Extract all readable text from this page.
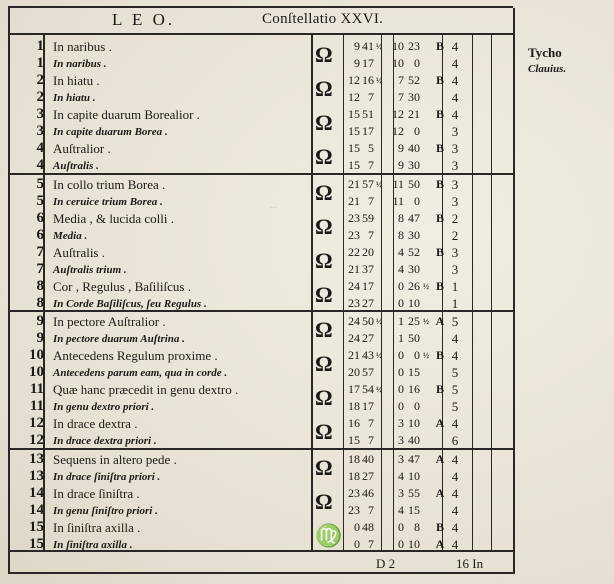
...
L E O.	Conſtellatio XXVI.
Tycho
Clauius.
1	In naribus .		9	41	½	10	23		B	4
1	In naribus .		9	17		10	0			4
2	In hiatu .		12	16	½	7	52		B	4
2	In hiatu .		12	7		7	30			4
3	In capite duarum Borealior .		15	51		12	21		B	4
3	In capite duarum Borea .		15	17		12	0			3
4	Auſtralior .		15	5		9	40		B	3
4	Auſtralis .		15	7		9	30			3
5	In collo trium Borea .		21	57	½	11	50		B	3
5	In ceruice trium Borea .		21	7		11	0			3
6	Media , & lucida colli .		23	59		8	47		B	2
6	Media .		23	7		8	30			2
7	Auſtralis .		22	20		4	52		B	3
7	Auſtralis trium .		21	37		4	30			3
8	Cor , Regulus , Baſiliſcus .		24	17		0	26	½	B	1
8	In Corde Baſiliſcus, ſeu Regulus .		23	27		0	10			1
9	In pectore Auſtralior .		24	50	½	1	25	½	A	5
9	In pectore duarum Auſtrina .		24	27		1	50			4
10	Antecedens Regulum proxime .		21	43	½	0	0	½	B	4
10	Antecedens parum eam, qua in corde .		20	57		0	15			5
11	Quæ hanc præcedit in genu dextro .		17	54	½	0	16		B	5
11	In genu dextro priori .		18	17		0	0			5
12	In drace dextra .		16	7		3	10		A	4
12	In drace dextra priori .		15	7		3	40			6
13	Sequens in altero pede .		18	40		3	47		A	4
13	In drace ſiniſtra priori .		18	27		4	10			4
14	In drace ſiniſtra .		23	46		3	55		A	4
14	In genu ſiniſtro priori .		23	7		4	15			4
15	In ſiniſtra axilla .		0	48		0	8		B	4
15	In ſiniſtra axilla .		0	7		0	10		A	4
D 2	16 In
Ω
Ω
Ω
Ω
Ω
Ω
Ω
Ω
Ω
Ω
Ω
Ω
Ω
Ω
♍
